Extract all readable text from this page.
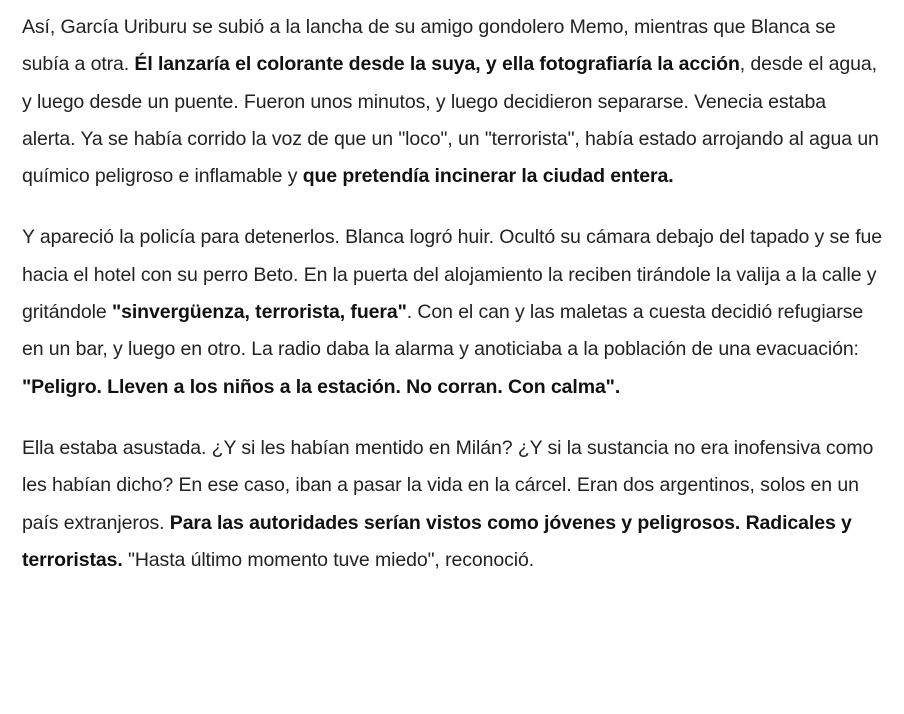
Así, García Uriburu se subió a la lancha de su amigo gondolero Memo, mientras que Blanca se subía a otra. Él lanzaría el colorante desde la suya, y ella fotografiaría la acción, desde el agua, y luego desde un puente. Fueron unos minutos, y luego decidieron separarse. Venecia estaba alerta. Ya se había corrido la voz de que un "loco", un "terrorista", había estado arrojando al agua un químico peligroso e inflamable y que pretendía incinerar la ciudad entera.

Y apareció la policía para detenerlos. Blanca logró huir. Ocultó su cámara debajo del tapado y se fue hacia el hotel con su perro Beto. En la puerta del alojamiento la reciben tirándole la valija a la calle y gritándole "sinvergüenza, terrorista, fuera". Con el can y las maletas a cuesta decidió refugiarse en un bar, y luego en otro. La radio daba la alarma y anoticiaba a la población de una evacuación: "Peligro. Lleven a los niños a la estación. No corran. Con calma".

Ella estaba asustada. ¿Y si les habían mentido en Milán? ¿Y si la sustancia no era inofensiva como les habían dicho? En ese caso, iban a pasar la vida en la cárcel. Eran dos argentinos, solos en un país extranjeros. Para las autoridades serían vistos como jóvenes y peligrosos. Radicales y terroristas. "Hasta último momento tuve miedo", reconoció.
